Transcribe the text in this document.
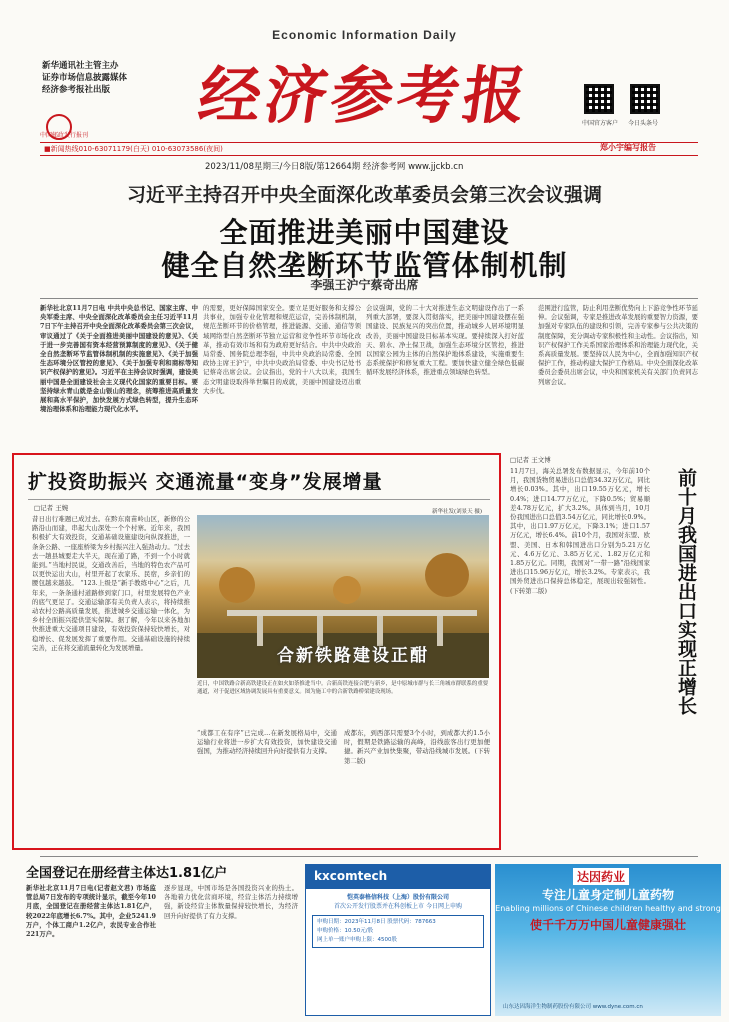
Economic Information Daily
新华通讯社主管主办
证券市场信息披露媒体
经济参考报社出版
中国邮政发行报刊
经济参考报	中国官方客户 今日头条号
■新闻热线010-63071179(白天) 010-63073586(夜间)	郑小宇编写报告
2023/11/08星期三/今日8版/第12664期 经济参考网 www.jjckb.cn
习近平主持召开中央全面深化改革委员会第三次会议强调
全面推进美丽中国建设
健全自然垄断环节监管体制机制
李强王沪宁蔡奇出席
新华社北京11月7日电 中共中央总书记、国家主席、中央军委主席、中央全面深化改革委员会主任习近平11月7日下午主持召开中央全面深化改革委员会第三次会议，审议通过了《关于全面推进美丽中国建设的意见》、《关于进一步完善国有资本经营预算制度的意见》、《关于健全自然垄断环节监管体制机制的实施意见》、《关于加强生态环境分区管控的意见》、《关于加强专利和商标等知识产权保护的意见》。习近平在主持会议时强调，建设美丽中国是全面建设社会主义现代化国家的重要目标。要坚持绿水青山就是金山银山的理念，统筹推进高质量发展和高水平保护，加快发展方式绿色转型，提升生态环境治理体系和治理能力现代化水平。
的需要，更好保障国家安全。要立足更好服务和支撑公共事业，加强专业化管理和规范运营，完善体制机制，规范垄断环节的价格管理，推进能源、交通、通信等领域网络型自然垄断环节独立运营和竞争性环节市场化改革，推动有效市场和有为政府更好结合。中共中央政治局常委、国务院总理李强，中共中央政治局常委、全国政协主席王沪宁，中共中央政治局常委、中央书记处书记蔡奇出席会议。会议指出，党的十八大以来，我国生态文明建设取得举世瞩目的成就，美丽中国建设迈出重大步伐。
会议强调，党的二十大对推进生态文明建设作出了一系列重大部署，要深入贯彻落实，把美丽中国建设摆在强国建设、民族复兴的突出位置，推动城乡人居环境明显改善，美丽中国建设目标基本实现。要持续深入打好蓝天、碧水、净土保卫战，加强生态环境分区管控，推进以国家公园为主体的自然保护地体系建设，实施重要生态系统保护和修复重大工程。要加快建立健全绿色低碳循环发展经济体系，推进重点领域绿色转型。
范围进行监管，防止利用垄断优势向上下游竞争性环节延伸。会议强调，专家是推进改革发展的重要智力资源，要加强对专家队伍的建设和引领，完善专家参与公共决策的制度保障，充分调动专家积极性和主动性。会议指出，知识产权保护工作关系国家治理体系和治理能力现代化，关系高质量发展。要坚持以人民为中心，全面加强知识产权保护工作，推动构建大保护工作格局。中央全面深化改革委员会委员出席会议，中央和国家机关有关部门负责同志列席会议。
扩投资助振兴 交通流量“变身”发展增量
□记者 王婉	新华社发(刘景天 摄)
昔日出行难题已成过去。在黔东南苗岭山区，新修的公路沿山而建，串起大山深处一个个村寨。近年来，我国积极扩大有效投资，交通基础设施建设向纵深推进，一条条公路、一座座桥梁为乡村振兴注入强劲动力。“过去去一趟县城要走大半天，现在通了路，不到一个小时就能到。”当地村民说，交通改善后，当地的特色农产品可以更快运出大山，村里开起了农家乐、民宿，乡亲们的腰包越来越鼓。 “123.上级是“新手教练中心”之后，几年来，一条条通村道路修到家门口，村里发展特色产业的底气更足了。交通运输部有关负责人表示，将持续推动农村公路高质量发展，推进城乡交通运输一体化，为乡村全面振兴提供坚实保障。据了解，今年以来各地加快推进重大交通项目建设，有效投资保持较快增长，对稳增长、促发展发挥了重要作用。交通基础设施的持续完善，正在将交通流量转化为发展增量。	合新铁路建设正酣
近日，中国铁路合新高铁建设正在如火如荼推进当中。合新高铁连接合肥与新乡，是中原城市群与长三角城市群联系的重要通道，对于促进区域协调发展具有重要意义。图为施工中的合新铁路桥梁建设现场。
“成都工在有序”已完成…在新发展格局中，交通运输行业将进一步扩大有效投资，加快建设交通强国，为推动经济持续回升向好提供有力支撑。
成都东，到西部只需要3个小时，到成都大约1.5小时，假期是铁路运输的高峰，沿线旅客出行更加便捷。新兴产业加快集聚，带动沿线城市发展。(下转第二版)
□记者 王文博
11月7日，海关总署发布数据显示，今年前10个月，我国货物贸易进出口总值34.32万亿元，同比增长0.03%。其中，出口19.55万亿元，增长0.4%；进口14.77万亿元，下降0.5%；贸易顺差4.78万亿元，扩大3.2%。具体到当月，10月份我国进出口总值3.54万亿元，同比增长0.9%。其中，出口1.97万亿元，下降3.1%；进口1.57万亿元，增长6.4%。前10个月，我国对东盟、欧盟、美国、日本和韩国进出口分别为5.21万亿元、4.6万亿元、3.85万亿元、1.82万亿元和1.85万亿元。同期，我国对“一带一路”沿线国家进出口15.96万亿元，增长3.2%。专家表示，我国外贸进出口保持总体稳定，展现出较强韧性。(下转第二版)	前十月我国进出口实现正增长
全国登记在册经营主体达1.81亿户
新华社北京11月7日电(记者赵文君) 市场监管总局7日发布的专项统计显示，截至今年10月底，全国登记在册经营主体达1.81亿户，较2022年底增长6.7%。其中，企业5241.9万户，个体工商户1.2亿户，农民专业合作社221万户。
逐步显现，中国市场是各国投资兴业的热土。各地着力优化营商环境，经营主体活力持续增强，新设经营主体数量保持较快增长，为经济回升向好提供了有力支撑。
kxcomtech
恺英泰格信科技（上海）股份有限公司
首次公开发行股票并在科创板上市 今日网上申购
申购日期：2023年11月8日 股票代码：787663
申购价格：10.50元/股
网上单一账户申购上限：4500股
达因药业
专注儿童身定制儿童药物
Enabling millions of Chinese children healthy and strong
使千千万万中国儿童健康强壮
山东达因海洋生物制药股份有限公司 www.dyne.com.cn
